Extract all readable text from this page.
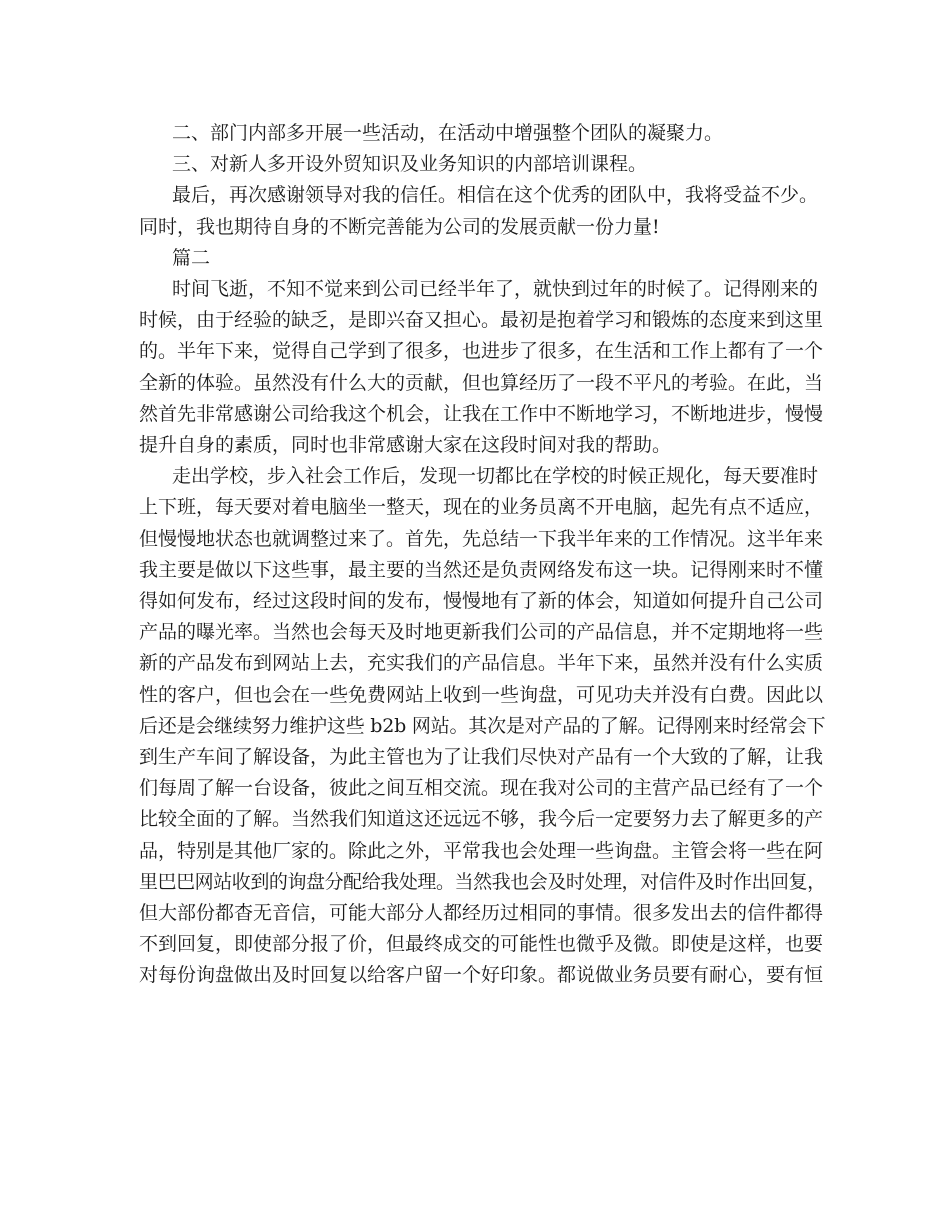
二、部门内部多开展一些活动，在活动中增强整个团队的凝聚力。
三、对新人多开设外贸知识及业务知识的内部培训课程。
最后，再次感谢领导对我的信任。相信在这个优秀的团队中，我将受益不少。
同时，我也期待自身的不断完善能为公司的发展贡献一份力量!
篇二
时间飞逝，不知不觉来到公司已经半年了，就快到过年的时候了。记得刚来的
时候，由于经验的缺乏，是即兴奋又担心。最初是抱着学习和锻炼的态度来到这里
的。半年下来，觉得自己学到了很多，也进步了很多，在生活和工作上都有了一个
全新的体验。虽然没有什么大的贡献，但也算经历了一段不平凡的考验。在此，当
然首先非常感谢公司给我这个机会，让我在工作中不断地学习，不断地进步，慢慢
提升自身的素质，同时也非常感谢大家在这段时间对我的帮助。
走出学校，步入社会工作后，发现一切都比在学校的时候正规化，每天要准时
上下班，每天要对着电脑坐一整天，现在的业务员离不开电脑，起先有点不适应，
但慢慢地状态也就调整过来了。首先，先总结一下我半年来的工作情况。这半年来
我主要是做以下这些事，最主要的当然还是负责网络发布这一块。记得刚来时不懂
得如何发布，经过这段时间的发布，慢慢地有了新的体会，知道如何提升自己公司
产品的曝光率。当然也会每天及时地更新我们公司的产品信息，并不定期地将一些
新的产品发布到网站上去，充实我们的产品信息。半年下来，虽然并没有什么实质
性的客户，但也会在一些免费网站上收到一些询盘，可见功夫并没有白费。因此以
后还是会继续努力维护这些 b2b 网站。其次是对产品的了解。记得刚来时经常会下
到生产车间了解设备，为此主管也为了让我们尽快对产品有一个大致的了解，让我
们每周了解一台设备，彼此之间互相交流。现在我对公司的主营产品已经有了一个
比较全面的了解。当然我们知道这还远远不够，我今后一定要努力去了解更多的产
品，特别是其他厂家的。除此之外，平常我也会处理一些询盘。主管会将一些在阿
里巴巴网站收到的询盘分配给我处理。当然我也会及时处理，对信件及时作出回复，
但大部份都杳无音信，可能大部分人都经历过相同的事情。很多发出去的信件都得
不到回复，即使部分报了价，但最终成交的可能性也微乎及微。即使是这样，也要
对每份询盘做出及时回复以给客户留一个好印象。都说做业务员要有耐心，要有恒
